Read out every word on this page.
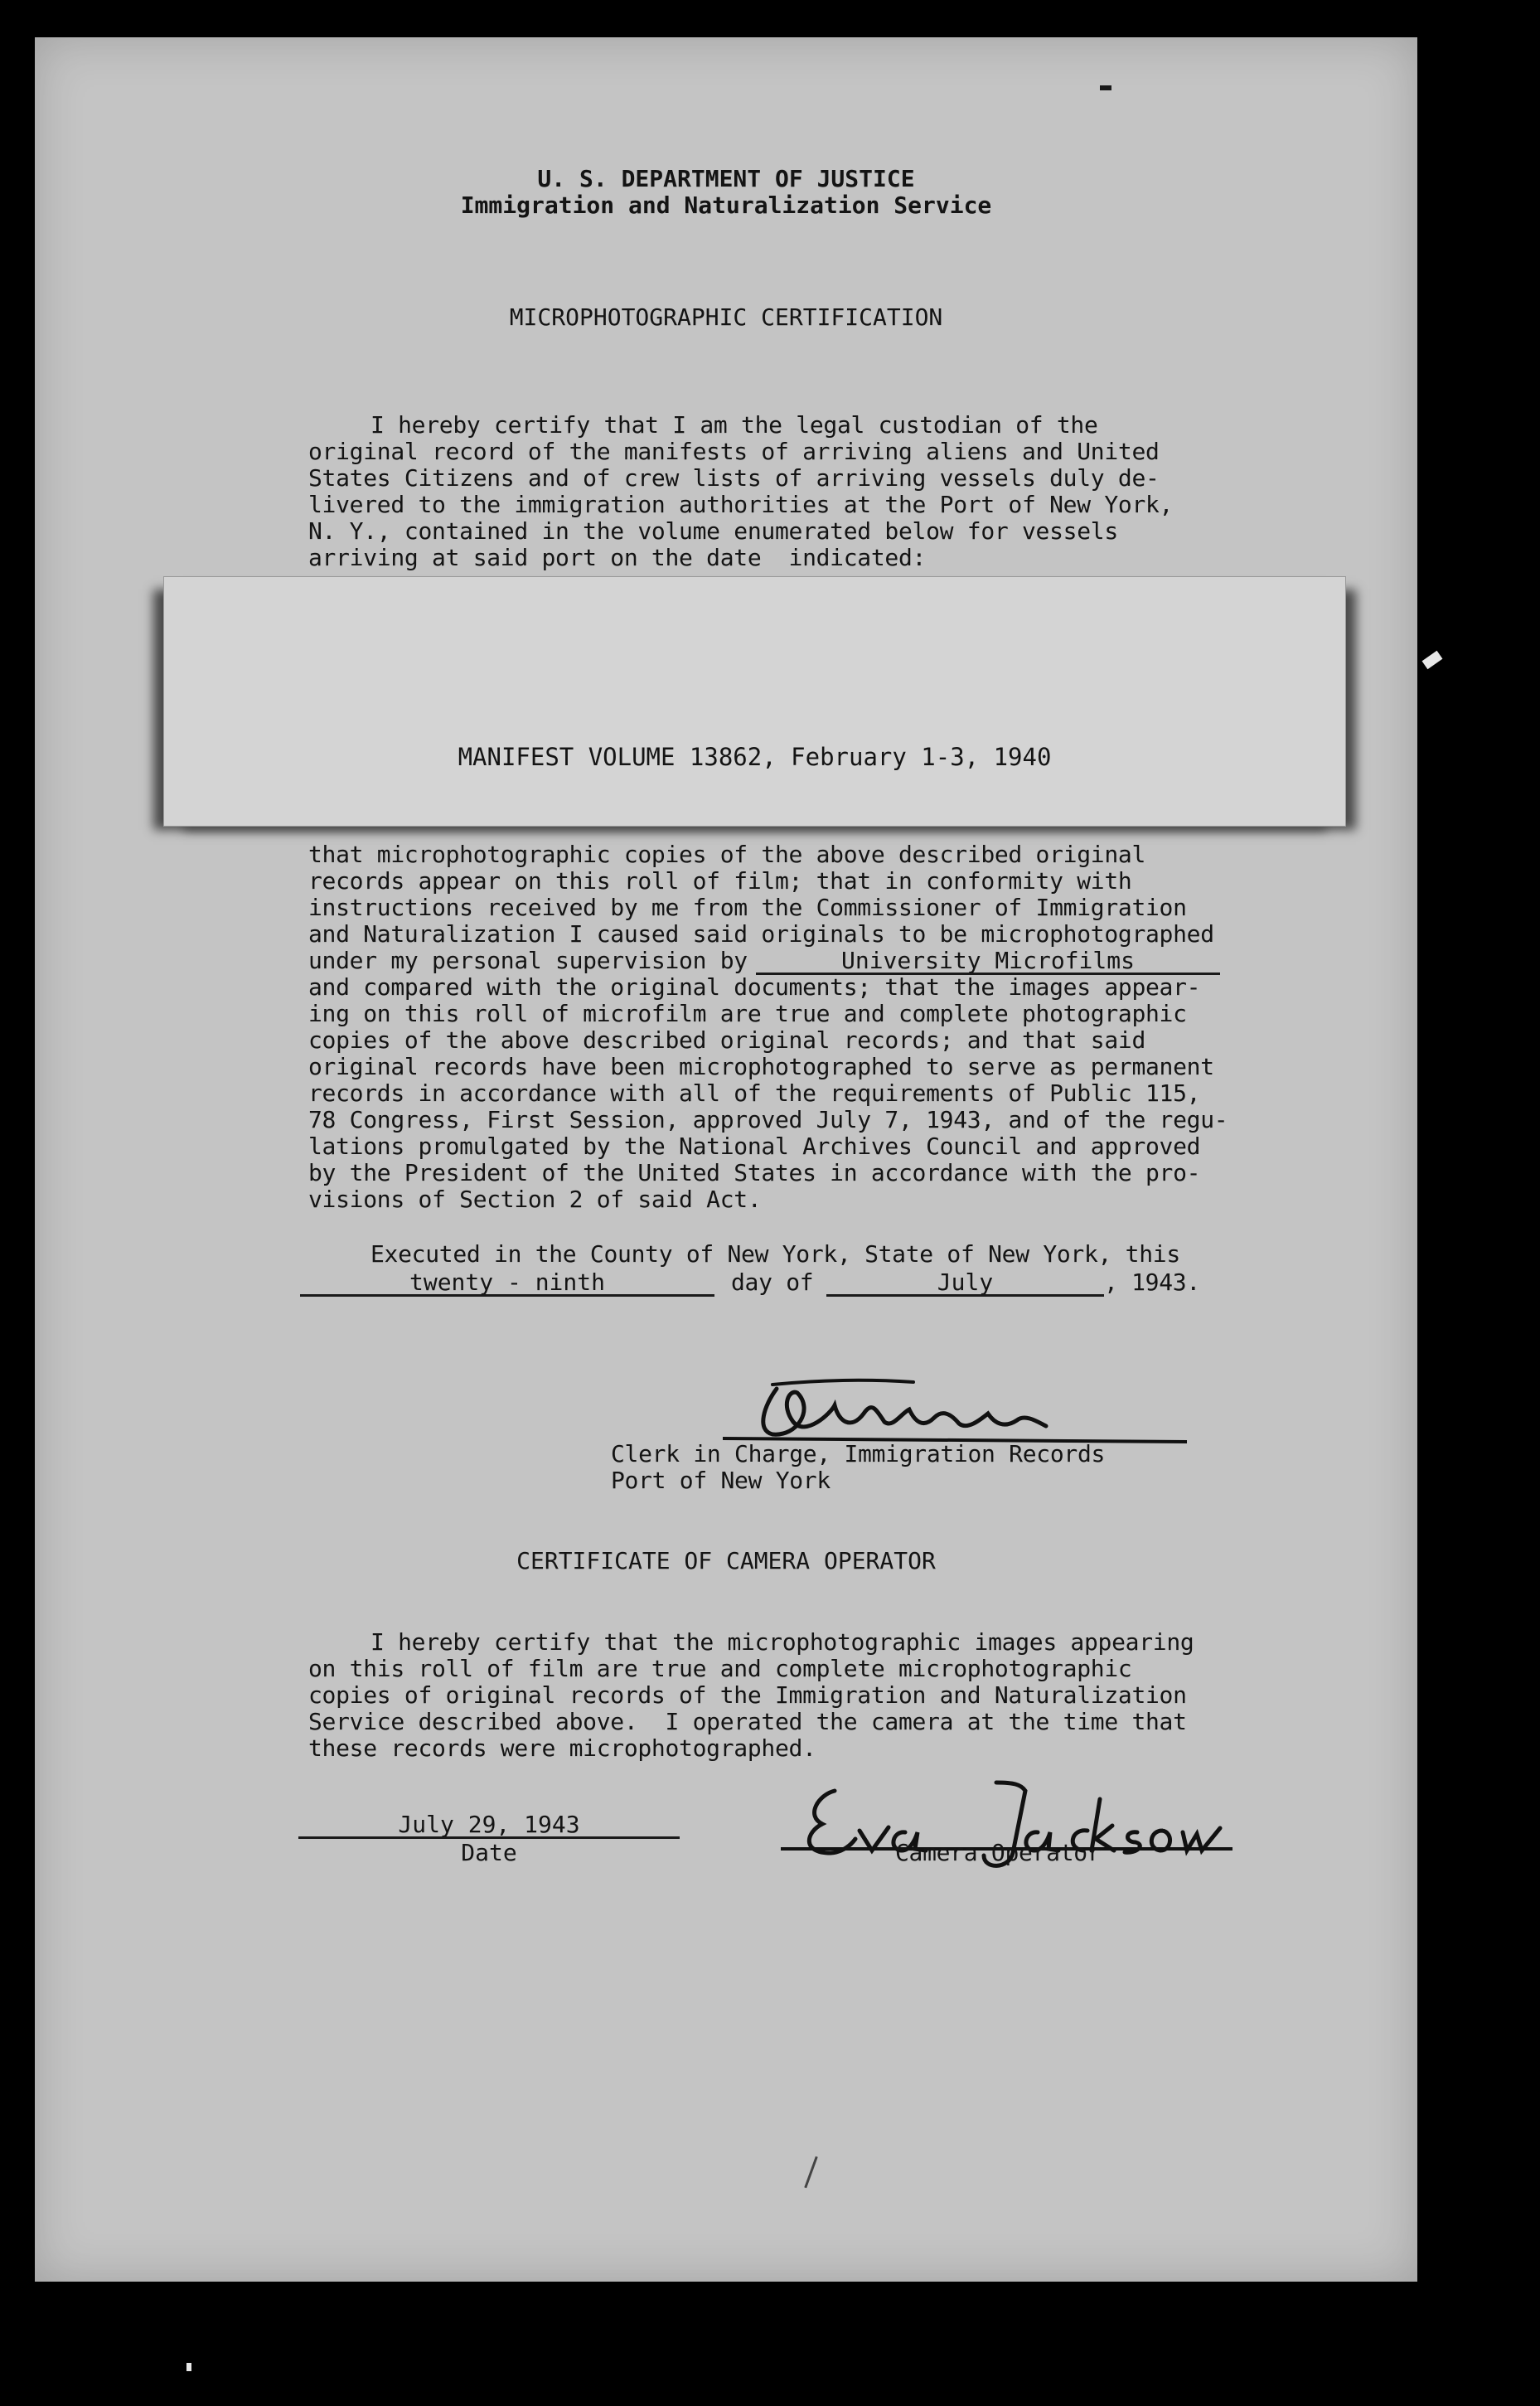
U. S. DEPARTMENT OF JUSTICE
Immigration and Naturalization Service
MICROPHOTOGRAPHIC CERTIFICATION
I hereby certify that I am the legal custodian of the
original record of the manifests of arriving aliens and United
States Citizens and of crew lists of arriving vessels duly de-
livered to the immigration authorities at the Port of New York,
N. Y., contained in the volume enumerated below for vessels
arriving at said port on the date  indicated:
MANIFEST VOLUME 13862, February 1-3, 1940
that microphotographic copies of the above described original
records appear on this roll of film; that in conformity with
instructions received by me from the Commissioner of Immigration
and Naturalization I caused said originals to be microphotographed
under my personal supervision by	University Microfilms
and compared with the original documents; that the images appear-
ing on this roll of microfilm are true and complete photographic
copies of the above described original records; and that said
original records have been microphotographed to serve as permanent
records in accordance with all of the requirements of Public 115,
78 Congress, First Session, approved July 7, 1943, and of the regu-
lations promulgated by the National Archives Council and approved
by the President of the United States in accordance with the pro-
visions of Section 2 of said Act.
Executed in the County of New York, State of New York, this
twenty - ninth	day of	July	, 1943.
Clerk in Charge, Immigration Records
Port of New York
CERTIFICATE OF CAMERA OPERATOR
I hereby certify that the microphotographic images appearing
on this roll of film are true and complete microphotographic
copies of original records of the Immigration and Naturalization
Service described above.  I operated the camera at the time that
these records were microphotographed.
July 29, 1943
Date	Camera Operator
